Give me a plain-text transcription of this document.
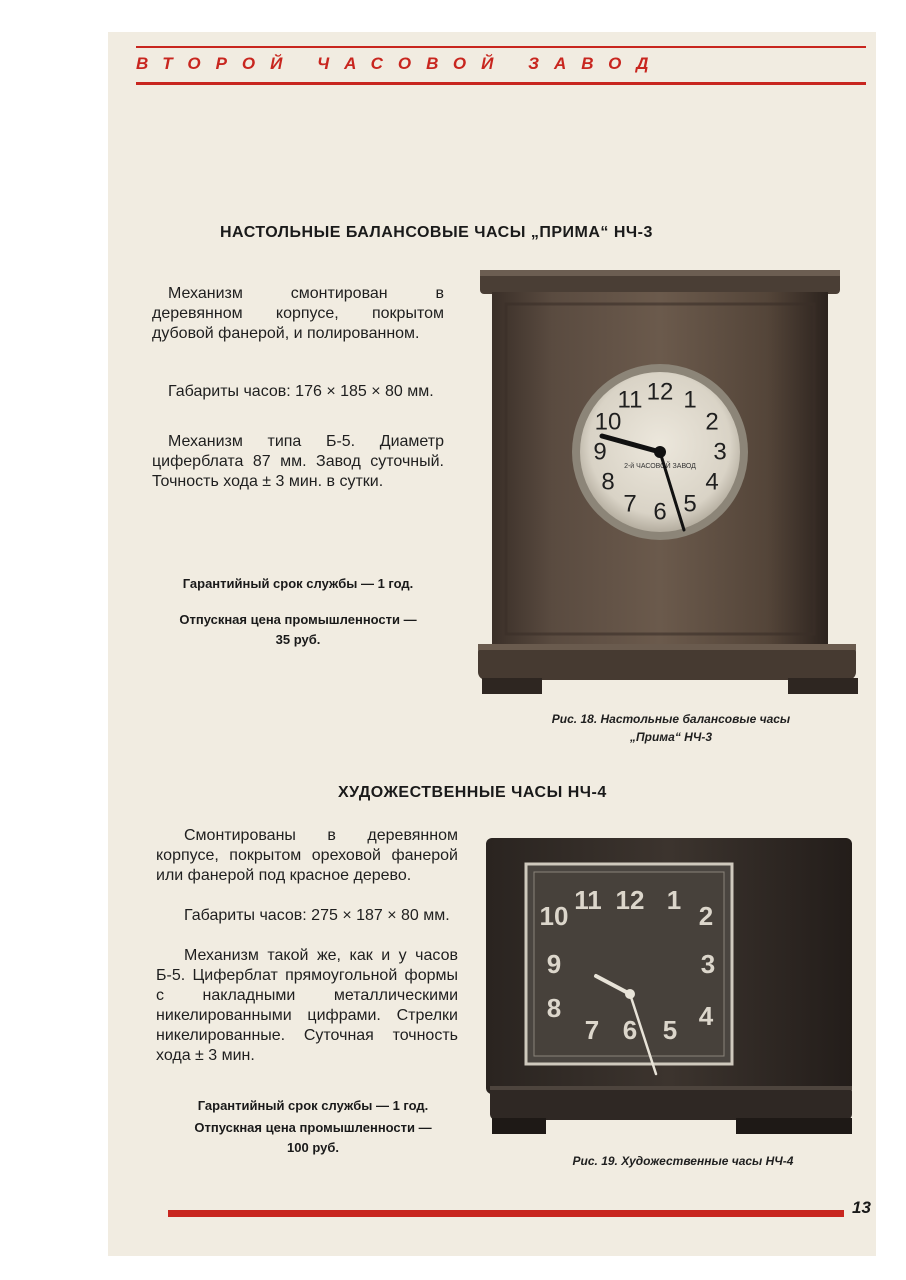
ВТОРОЙ ЧАСОВОЙ ЗАВОД
НАСТОЛЬНЫЕ БАЛАНСОВЫЕ ЧАСЫ „ПРИМА“ НЧ-3

Механизм смонтирован в деревянном корпусе, покрытом дубовой фанерой, и полированном.

Габариты часов: 176 × 185 × 80 мм.

Механизм типа Б-5. Диаметр циферблата 87 мм. Завод суточный. Точность хода ± 3 мин. в сутки.

Гарантийный срок службы — 1 год.

Отпускная цена промышленности —

35 руб.

12 1
2
3
4
5
6
7
8
9
10
11
2-й ЧАСОВОЙ ЗАВОД

Рис. 18. Настольные балансовые часы

„Прима“ НЧ-3

ХУДОЖЕСТВЕННЫЕ ЧАСЫ НЧ-4

Смонтированы в деревянном корпусе, покрытом ореховой фанерой или фанерой под красное дерево.

Габариты часов: 275 × 187 × 80 мм.

Механизм такой же, как и у часов Б-5. Циферблат прямоугольной формы с накладными металлическими никелированными цифрами. Стрелки никелированные. Суточная точность хода ± 3 мин.

Гарантийный срок службы — 1 год.

Отпускная цена промышленности —

100 руб.

11 12 1
2
3
4
5
6
7
8
9
10

Рис. 19. Художественные часы НЧ-4

13
